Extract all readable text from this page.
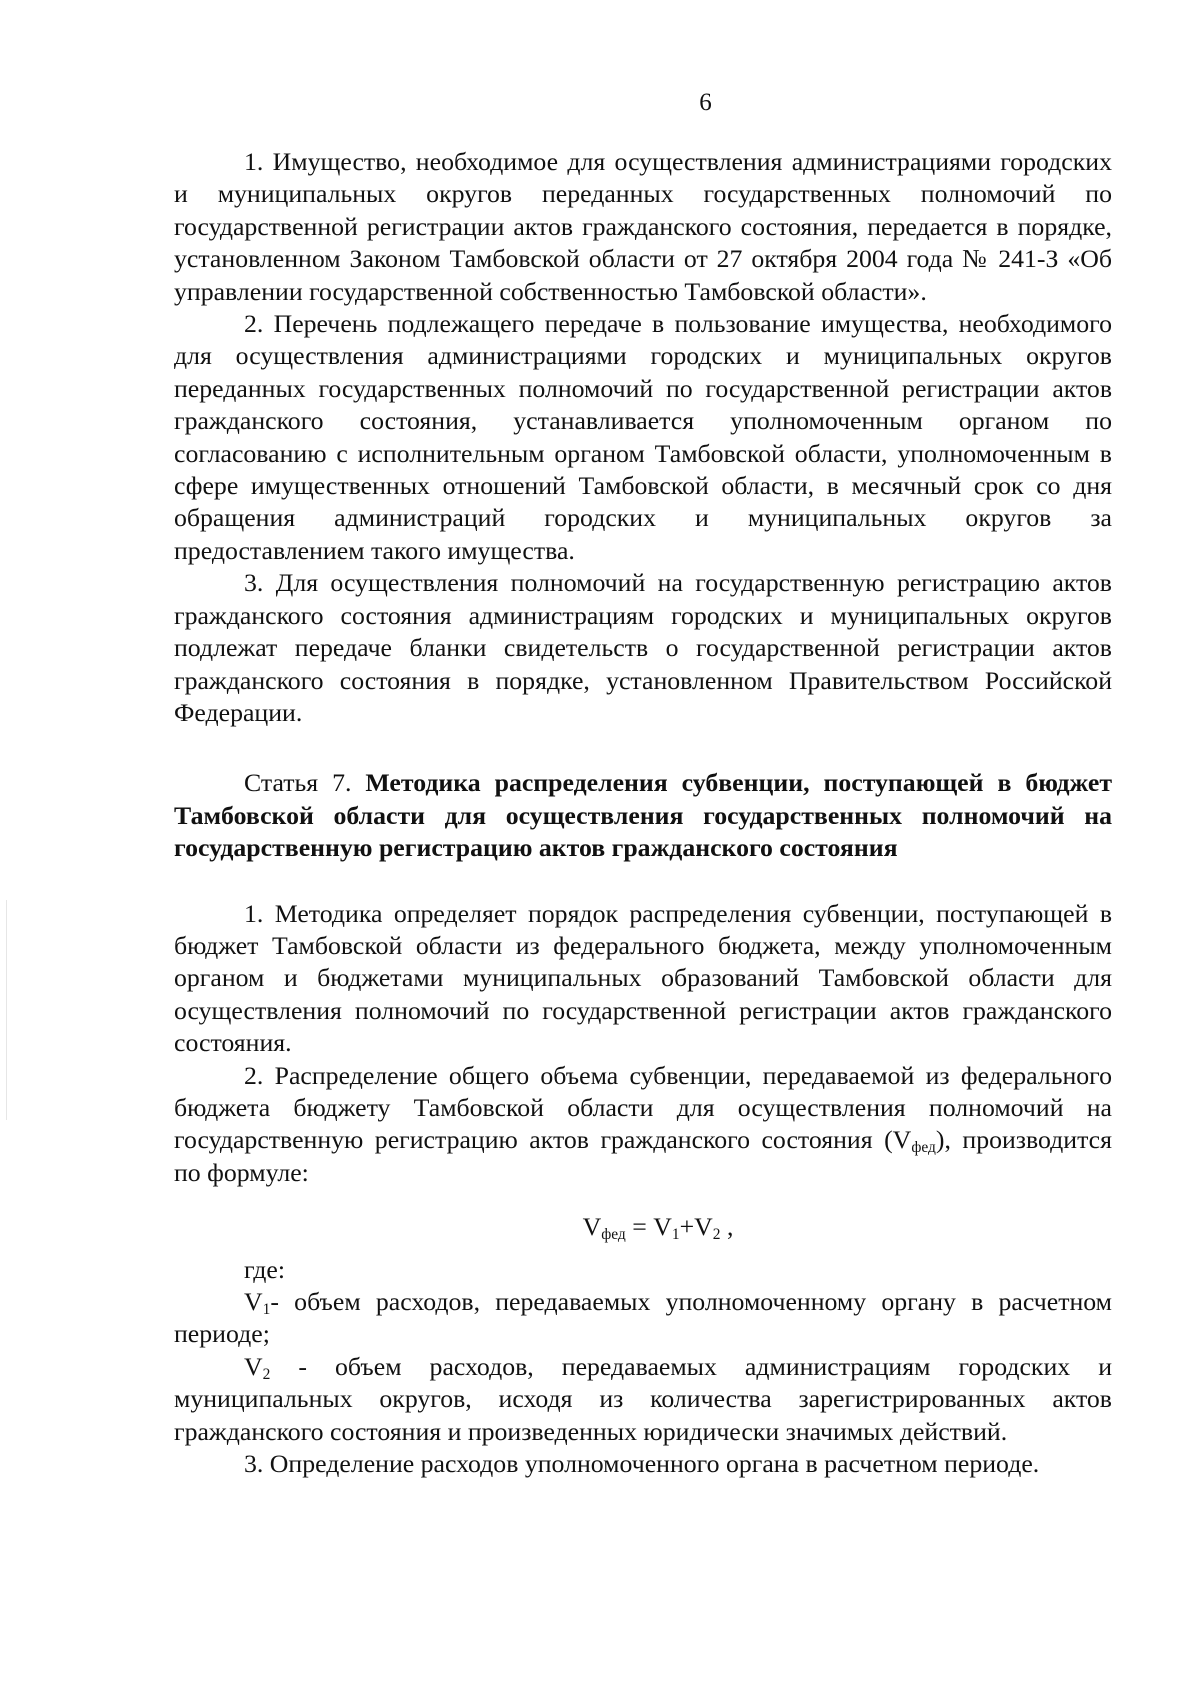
6

1. Имущество, необходимое для осуществления администрациями городских и муниципальных округов переданных государственных полномочий по государственной регистрации актов гражданского состояния, передается в порядке, установленном Законом Тамбовской области от 27 октября 2004 года № 241-З «Об управлении государственной собственностью Тамбовской области».

2. Перечень подлежащего передаче в пользование имущества, необходимого для осуществления администрациями городских и муниципальных округов переданных государственных полномочий по государственной регистрации актов гражданского состояния, устанавливается уполномоченным органом по согласованию с исполнительным органом Тамбовской области, уполномоченным в сфере имущественных отношений Тамбовской области, в месячный срок со дня обращения администраций городских и муниципальных округов за предоставлением такого имущества.

3. Для осуществления полномочий на государственную регистрацию актов гражданского состояния администрациям городских и муниципальных округов подлежат передаче бланки свидетельств о государственной регистрации актов гражданского состояния в порядке, установленном Правительством Российской Федерации.

Статья 7. Методика распределения субвенции, поступающей в бюджет Тамбовской области для осуществления государственных полномочий на государственную регистрацию актов гражданского состояния

1. Методика определяет порядок распределения субвенции, поступающей в бюджет Тамбовской области из федерального бюджета, между уполномоченным органом и бюджетами муниципальных образований Тамбовской области для осуществления полномочий по государственной регистрации актов гражданского состояния.

2. Распределение общего объема субвенции, передаваемой из федерального бюджета бюджету Тамбовской области для осуществления полномочий на государственную регистрацию актов гражданского состояния $(V_{фед})$, производится по формуле:

$V_{фед} = V_1+V_2$ ,

где:

$V_1-$ объем расходов, передаваемых уполномоченному органу в расчетном периоде;

$V_2$ - объем расходов, передаваемых администрациям городских и муниципальных округов, исходя из количества зарегистрированных актов гражданского состояния и произведенных юридически значимых действий.

3. Определение расходов уполномоченного органа в расчетном периоде.
